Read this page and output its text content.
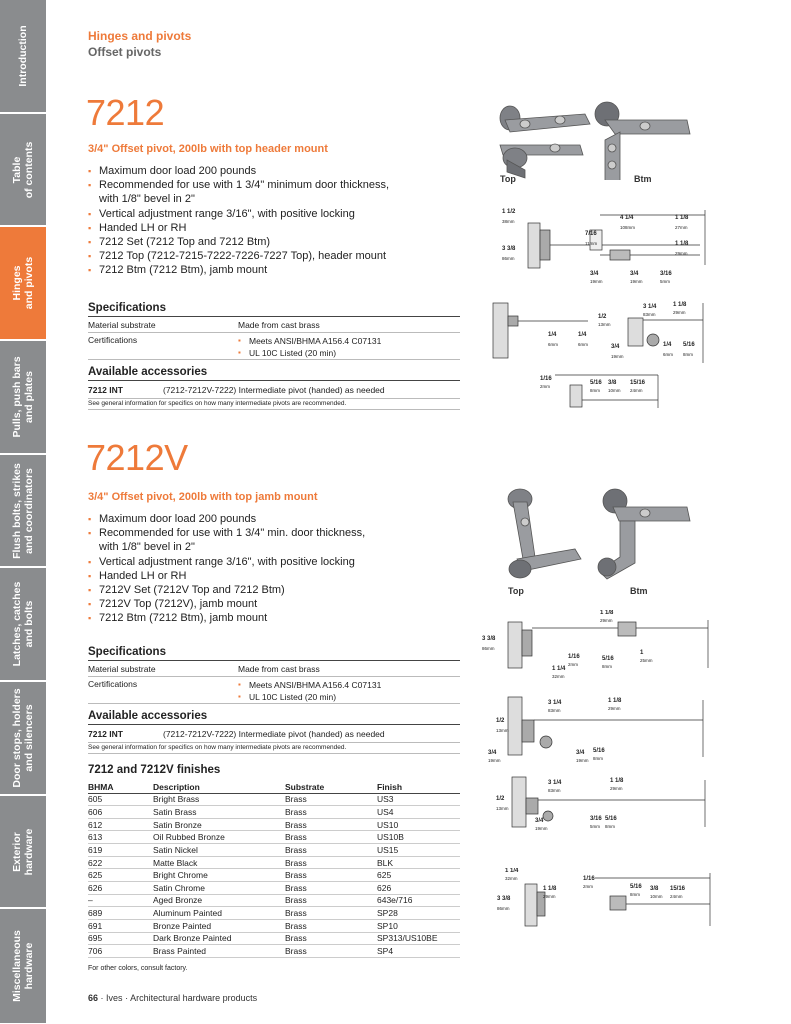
Introduction
Table
of contents
Hinges
and pivots
Pulls, push bars
and plates
Flush bolts, strikes
and coordinators
Latches, catches
and bolts
Door stops, holders
and silencers
Exterior
hardware
Miscellaneous
hardware
Hinges and pivots
Offset pivots
7212
3/4" Offset pivot, 200lb with top header mount
▪ Maximum door load 200 pounds
▪ Recommended for use with 1 3/4" minimum door thickness,
with 1/8" bevel in 2"
▪ Vertical adjustment range 3/16", with positive locking
▪ Handed LH or RH
▪ 7212 Set (7212 Top and 7212 Btm)
▪ 7212 Top (7212-7215-7222-7226-7227 Top), header mount
▪ 7212 Btm (7212 Btm), jamb mount
Specifications
Material substrate	Made from cast brass
Certifications	▪ Meets ANSI/BHMA A156.4 C07131
▪ UL 10C Listed (20 min)
Available accessories
7212 INT	(7212-7212V-7222) Intermediate pivot (handed) as needed
See general information for specifics on how many intermediate pivots are recommended.
7212V
3/4" Offset pivot, 200lb with top jamb mount
▪ Maximum door load 200 pounds
▪ Recommended for use with 1 3/4" min. door thickness,
with 1/8" bevel in 2"
▪ Vertical adjustment range 3/16", with positive locking
▪ Handed LH or RH
▪ 7212V Set (7212V Top and 7212 Btm)
▪ 7212V Top (7212V), jamb mount
▪ 7212 Btm (7212 Btm), jamb mount
Specifications
Material substrate	Made from cast brass
Certifications	▪ Meets ANSI/BHMA A156.4 C07131
▪ UL 10C Listed (20 min)
Available accessories
7212 INT	(7212-7212V-7222) Intermediate pivot (handed) as needed
See general information for specifics on how many intermediate pivots are recommended.
7212 and 7212V finishes
BHMA	Description	Substrate	Finish
605	Bright Brass	Brass	US3
606	Satin Brass	Brass	US4
612	Satin Bronze	Brass	US10
613	Oil Rubbed Bronze	Brass	US10B
619	Satin Nickel	Brass	US15
622	Matte Black	Brass	BLK
625	Bright Chrome	Brass	625
626	Satin Chrome	Brass	626
–	Aged Bronze	Brass	643e/716
689	Aluminum Painted	Brass	SP28
691	Bronze Painted	Brass	SP10
695	Dark Bronze Painted	Brass	SP313/US10BE
706	Brass Painted	Brass	SP4
For other colors, consult factory.
Top	Btm
Top	Btm
1 1/2
38mm
4 1/4
108mm
1 1/8
27mm
7/16
11mm
3 3/8
86mm
1 1/8
29mm
3/4
19mm
3/4
19mm
3/16
5mm
1/2
13mm
3 1/4
83mm
1 1/8
29mm
1/4
6mm
1/4
6mm	3/4
19mm
1/4
6mm
5/16
8mm
1/16
2mm
5/16
8mm
3/8
10mm
15/16
24mm
1 1/8
29mm
3 3/8
86mm
1/16
2mm
5/16
8mm
1
25mm
1 1/4
32mm
1/2
13mm
3 1/4
83mm
1 1/8
29mm
3/4
19mm
3/4
19mm
5/16
8mm
1/2
13mm
3 1/4
83mm
1 1/8
29mm
3/4
19mm
3/16
5mm
5/16
8mm
1 1/4
32mm
3 3/8
86mm
1 1/8
29mm
1/16
2mm	5/16
8mm
3/8
10mm
15/16
24mm
66 · Ives · Architectural hardware products
